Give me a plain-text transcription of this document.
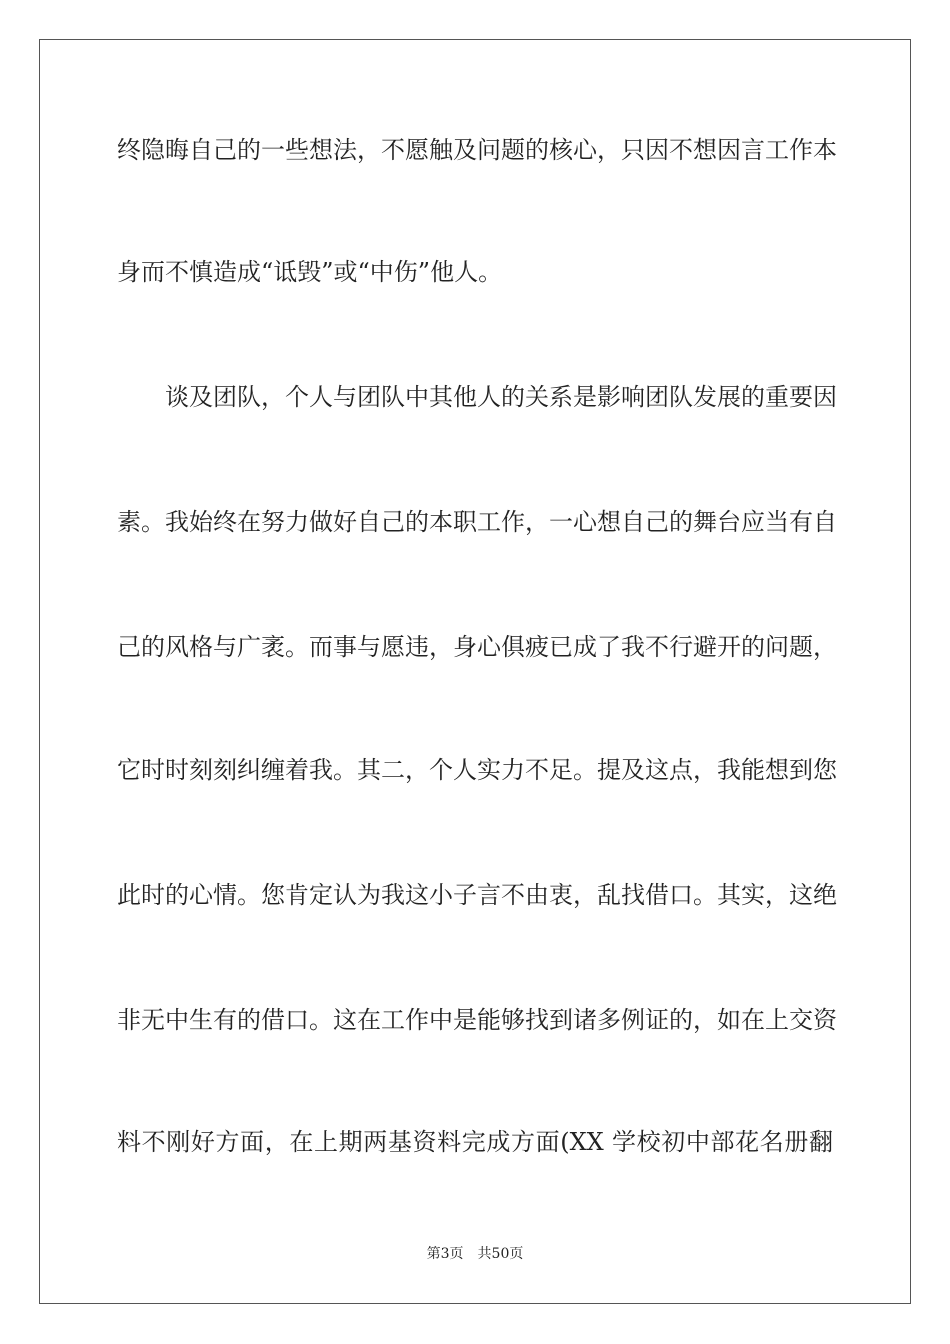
终隐晦自己的一些想法，不愿触及问题的核心，只因不想因言工作本
身而不慎造成“诋毁”或“中伤”他人。
谈及团队，个人与团队中其他人的关系是影响团队发展的重要因
素。我始终在努力做好自己的本职工作，一心想自己的舞台应当有自
己的风格与广袤。而事与愿违，身心俱疲已成了我不行避开的问题，
它时时刻刻纠缠着我。其二，个人实力不足。提及这点，我能想到您
此时的心情。您肯定认为我这小子言不由衷，乱找借口。其实，这绝
非无中生有的借口。这在工作中是能够找到诸多例证的，如在上交资
料不刚好方面，在上期两基资料完成方面(XX 学校初中部花名册翻
第3页 共50页
